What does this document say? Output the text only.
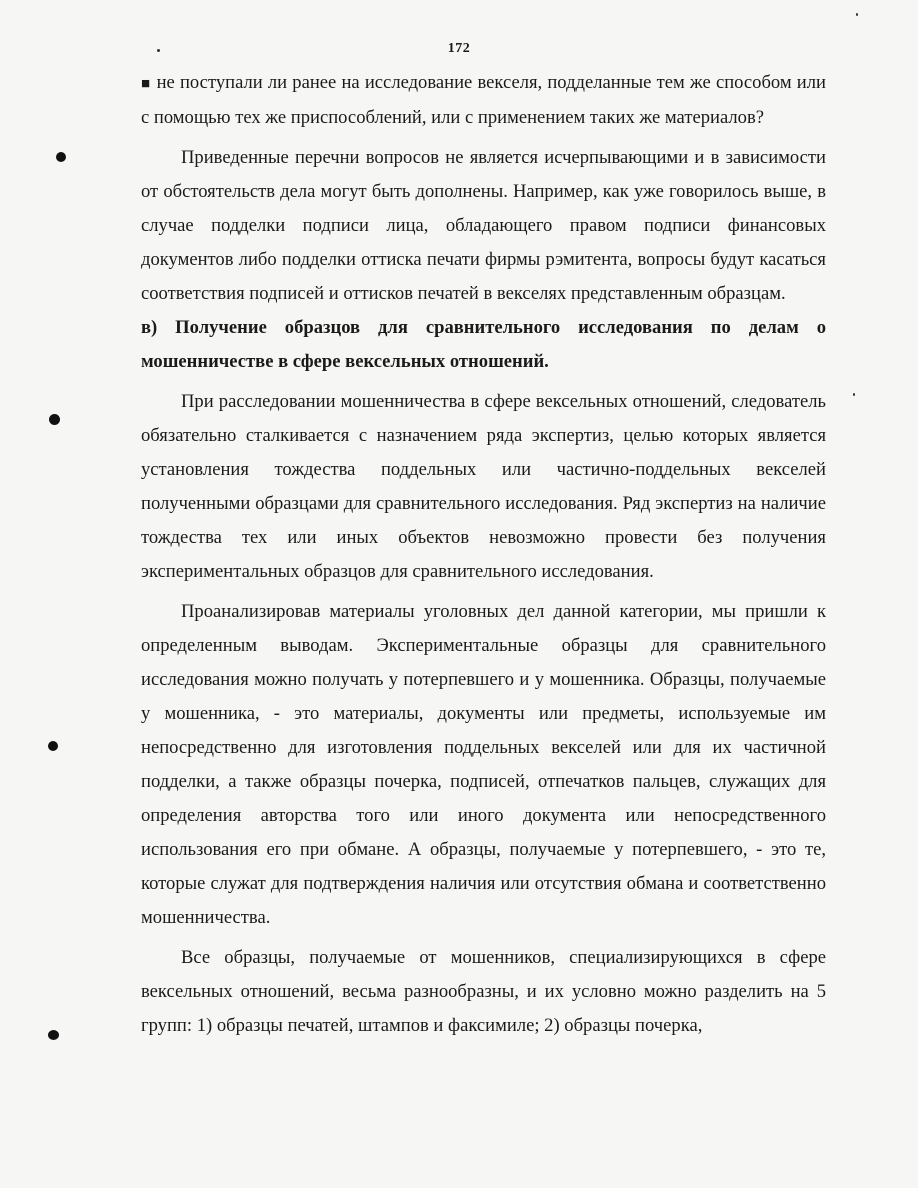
172

■ не поступали ли ранее на исследование векселя, подделанные тем же способом или с помощью тех же приспособлений, или с применением таких же материалов?

Приведенные перечни вопросов не является исчерпывающими и в зависимости от обстоятельств дела могут быть дополнены. Например, как уже говорилось выше, в случае подделки подписи лица, обладающего правом подписи финансовых документов либо подделки оттиска печати фирмы рэмитента, вопросы будут касаться соответствия подписей и оттисков печатей в векселях представленным образцам.

в) Получение образцов для сравнительного исследования по делам о мошенничестве в сфере вексельных отношений.

При расследовании мошенничества в сфере вексельных отношений, следователь обязательно сталкивается с назначением ряда экспертиз, целью которых является установления тождества поддельных или частично-поддельных векселей полученными образцами для сравнительного исследования. Ряд экспертиз на наличие тождества тех или иных объектов невозможно провести без получения экспериментальных образцов для сравнительного исследования.

Проанализировав материалы уголовных дел данной категории, мы пришли к определенным выводам. Экспериментальные образцы для сравнительного исследования можно получать у потерпевшего и у мошенника. Образцы, получаемые у мошенника, - это материалы, документы или предметы, используемые им непосредственно для изготовления поддельных векселей или для их частичной подделки, а также образцы почерка, подписей, отпечатков пальцев, служащих для определения авторства того или иного документа или непосредственного использования его при обмане. А образцы, получаемые у потерпевшего, - это те, которые служат для подтверждения наличия или отсутствия обмана и соответственно мошенничества.

Все образцы, получаемые от мошенников, специализирующихся в сфере вексельных отношений, весьма разнообразны, и их условно можно разделить на 5 групп: 1) образцы печатей, штампов и факсимиле; 2) образцы почерка,
